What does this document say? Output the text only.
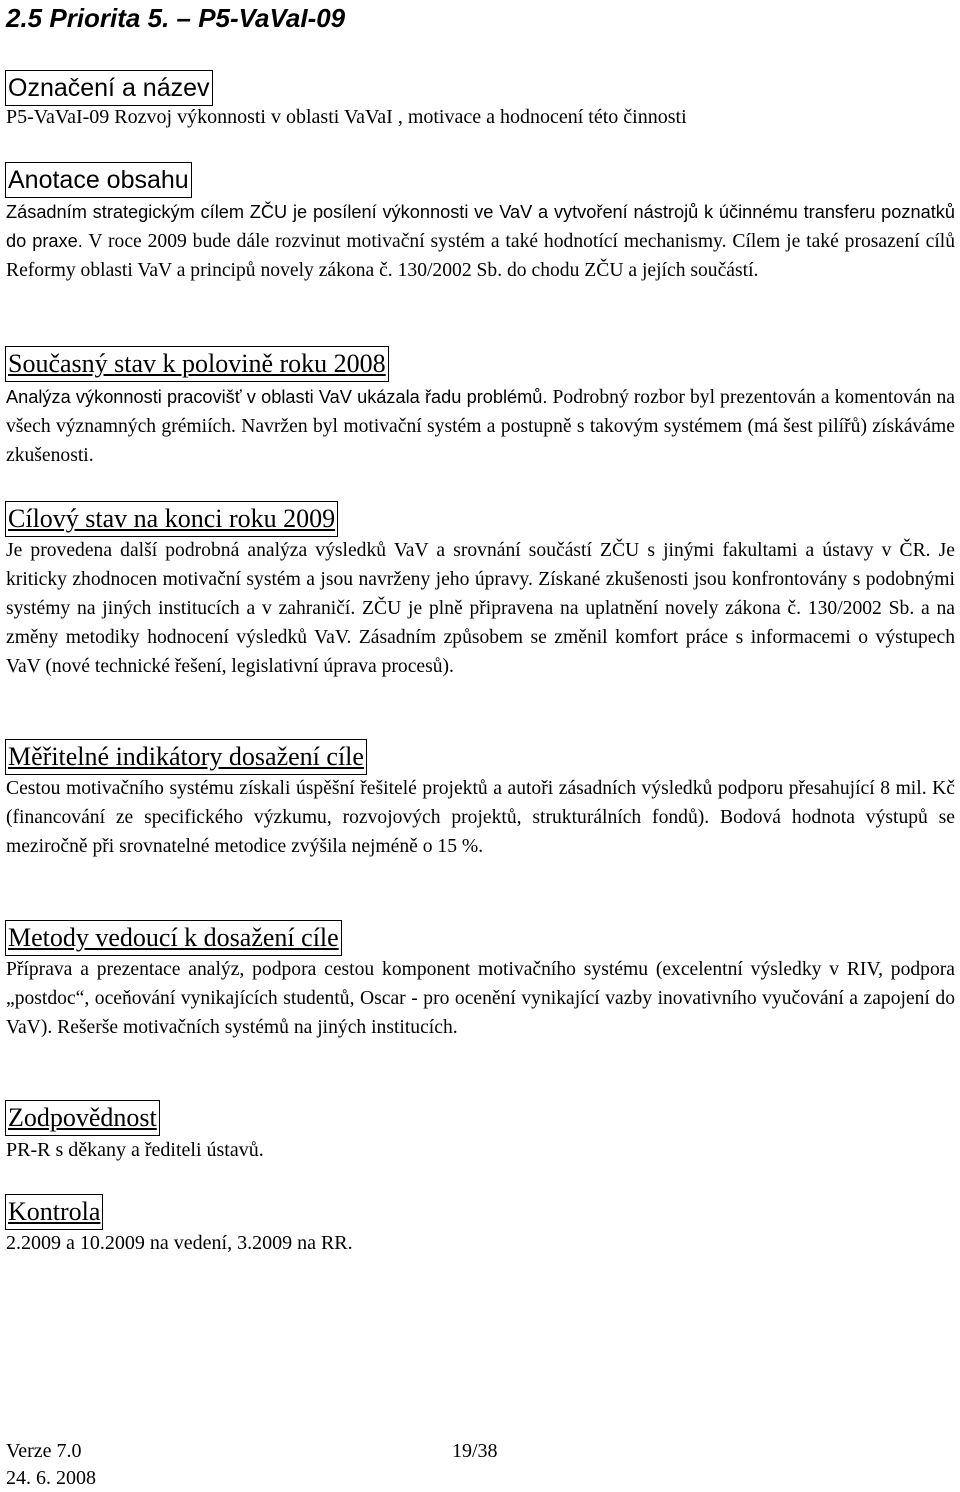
2.5 Priorita 5. – P5-VaVaI-09
Označení a název
P5-VaVaI-09 Rozvoj výkonnosti v oblasti VaVaI , motivace a hodnocení této činnosti
Anotace obsahu
Zásadním strategickým cílem ZČU je posílení výkonnosti ve VaV a vytvoření nástrojů k účinnému transferu poznatků do praxe. V roce 2009 bude dále rozvinut motivační systém a také hodnotící mechanismy. Cílem je také prosazení cílů Reformy oblasti VaV a principů novely zákona č. 130/2002 Sb. do chodu ZČU a jejích součástí.
Současný stav k polovině roku 2008
Analýza výkonnosti pracovišť v oblasti VaV ukázala řadu problémů. Podrobný rozbor byl prezentován a komentován na všech významných grémiích. Navržen byl motivační systém a postupně s takovým systémem (má šest pilířů) získáváme zkušenosti.
Cílový stav na konci roku 2009
Je provedena další podrobná analýza výsledků VaV a srovnání součástí ZČU s jinými fakultami a ústavy v ČR. Je kriticky zhodnocen motivační systém a jsou navrženy jeho úpravy. Získané zkušenosti jsou konfrontovány s podobnými systémy na jiných institucích a v zahraničí. ZČU je plně připravena na uplatnění novely zákona č. 130/2002 Sb. a na změny metodiky hodnocení výsledků VaV. Zásadním způsobem se změnil komfort práce s informacemi o výstupech VaV (nové technické řešení, legislativní úprava procesů).
Měřitelné indikátory dosažení cíle
Cestou motivačního systému získali úspěšní řešitelé projektů a autoři zásadních výsledků podporu přesahující 8 mil. Kč (financování ze specifického výzkumu, rozvojových projektů, strukturálních fondů). Bodová hodnota výstupů se meziročně při srovnatelné metodice zvýšila nejméně o 15 %.
Metody vedoucí k dosažení cíle
Příprava a prezentace analýz, podpora cestou komponent motivačního systému (excelentní výsledky v RIV, podpora „postdoc“, oceňování vynikajících studentů, Oscar - pro ocenění vynikající vazby inovativního vyučování a zapojení do VaV). Rešerše motivačních systémů na jiných institucích.
Zodpovědnost
PR-R s děkany a řediteli ústavů.
Kontrola
2.2009 a 10.2009 na vedení, 3.2009 na RR.
Verze 7.0	19/38
24. 6. 2008
